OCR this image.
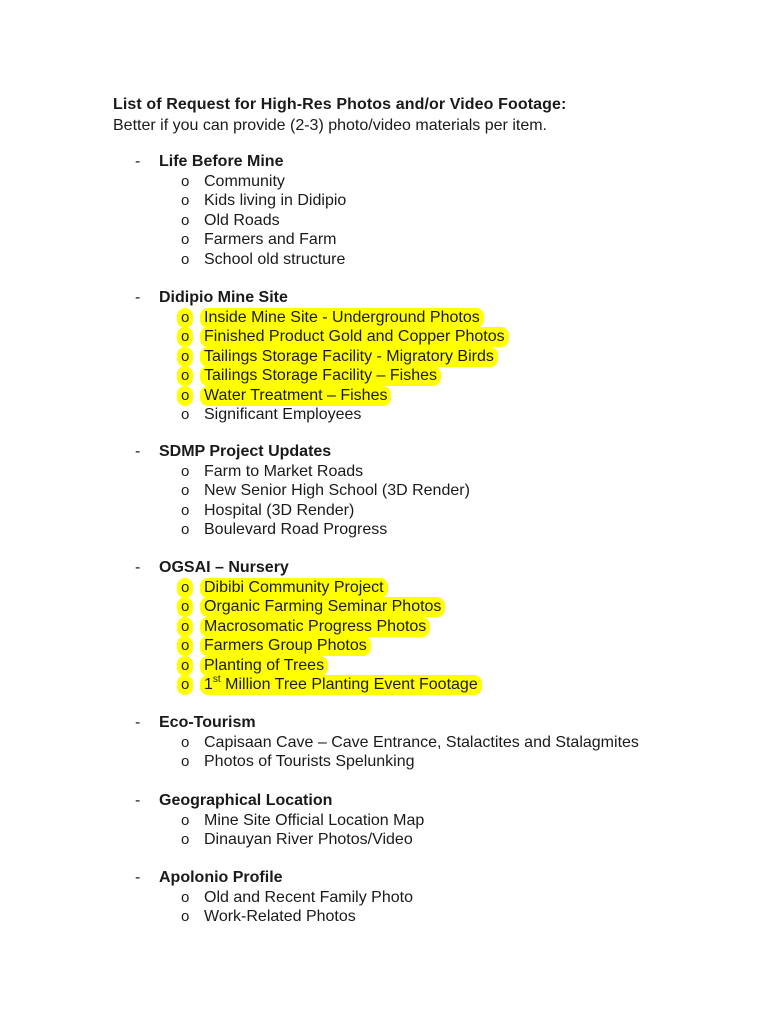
List of Request for High-Res Photos and/or Video Footage:
Better if you can provide (2-3) photo/video materials per item.
- Life Before Mine
o Community
o Kids living in Didipio
o Old Roads
o Farmers and Farm
o School old structure
- Didipio Mine Site
o Inside Mine Site - Underground Photos
o Finished Product Gold and Copper Photos
o Tailings Storage Facility - Migratory Birds
o Tailings Storage Facility – Fishes
o Water Treatment – Fishes
o Significant Employees
- SDMP Project Updates
o Farm to Market Roads
o New Senior High School (3D Render)
o Hospital (3D Render)
o Boulevard Road Progress
- OGSAI – Nursery
o Dibibi Community Project
o Organic Farming Seminar Photos
o Macrosomatic Progress Photos
o Farmers Group Photos
o Planting of Trees
o 1st Million Tree Planting Event Footage
- Eco-Tourism
o Capisaan Cave – Cave Entrance, Stalactites and Stalagmites
o Photos of Tourists Spelunking
- Geographical Location
o Mine Site Official Location Map
o Dinauyan River Photos/Video
- Apolonio Profile
o Old and Recent Family Photo
o Work-Related Photos
